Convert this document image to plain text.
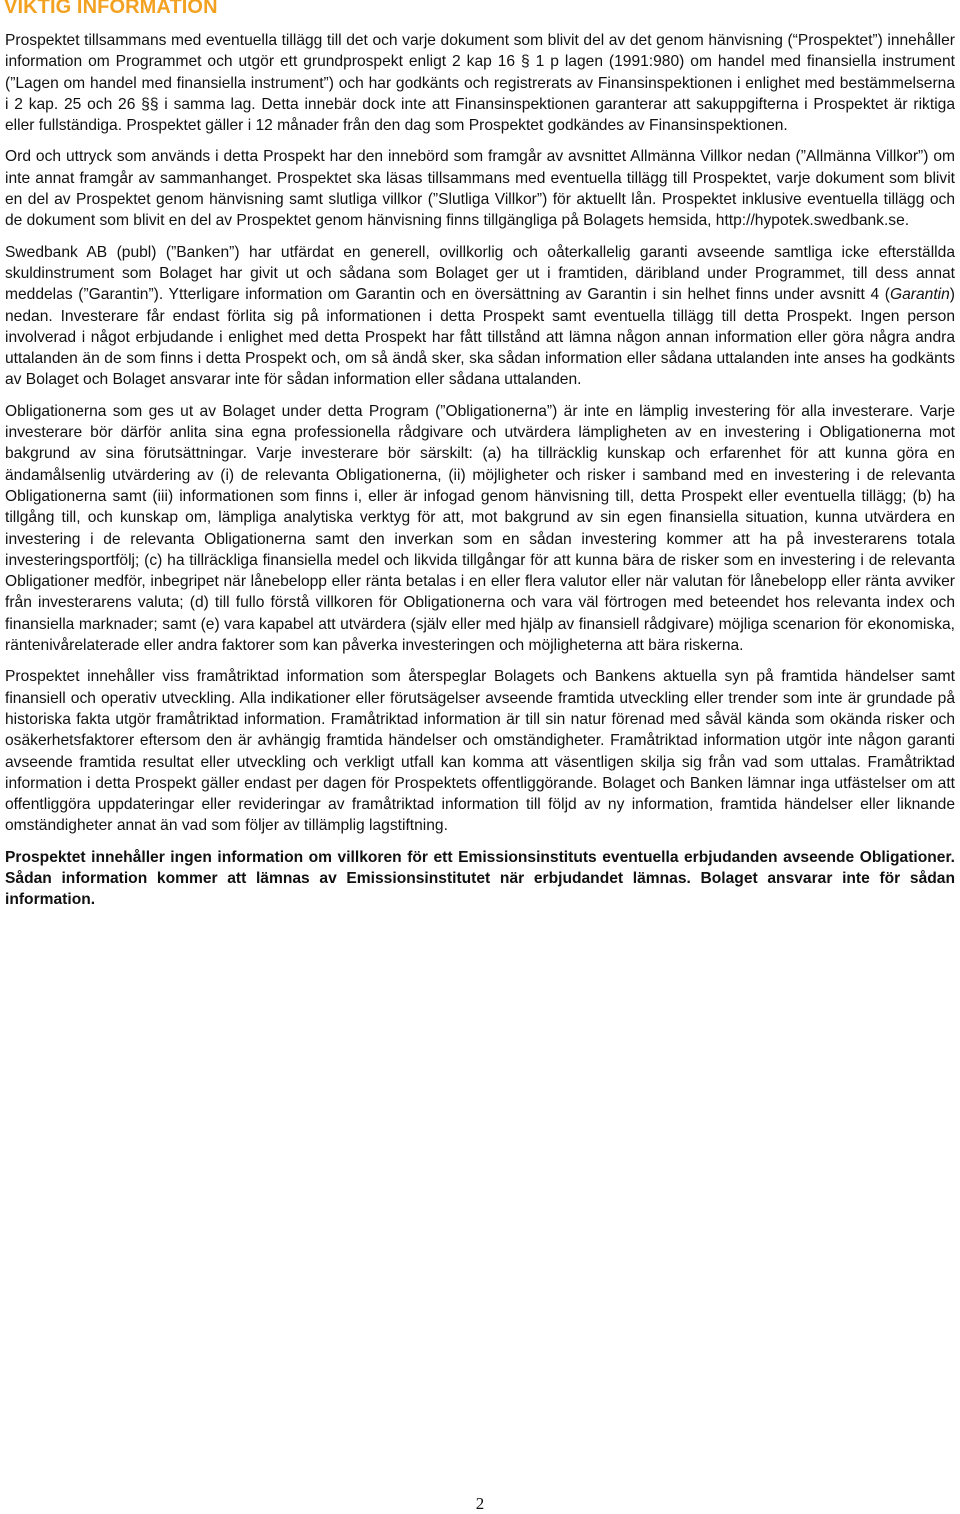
VIKTIG INFORMATION

Prospektet tillsammans med eventuella tillägg till det och varje dokument som blivit del av det genom hänvisning (“Prospektet”) innehåller information om Programmet och utgör ett grundprospekt enligt 2 kap 16 § 1 p lagen (1991:980) om handel med finansiella instrument (”Lagen om handel med finansiella instrument”) och har godkänts och registrerats av Finansinspektionen i enlighet med bestämmelserna i 2 kap. 25 och 26 §§ i samma lag. Detta innebär dock inte att Finansinspektionen garanterar att sakuppgifterna i Prospektet är riktiga eller fullständiga. Prospektet gäller i 12 månader från den dag som Prospektet godkändes av Finansinspektionen.

Ord och uttryck som används i detta Prospekt har den innebörd som framgår av avsnittet Allmänna Villkor nedan (”Allmänna Villkor”) om inte annat framgår av sammanhanget. Prospektet ska läsas tillsammans med eventuella tillägg till Prospektet, varje dokument som blivit en del av Prospektet genom hänvisning samt slutliga villkor (”Slutliga Villkor”) för aktuellt lån. Prospektet inklusive eventuella tillägg och de dokument som blivit en del av Prospektet genom hänvisning finns tillgängliga på Bolagets hemsida, http://hypotek.swedbank.se.

Swedbank AB (publ) (”Banken”) har utfärdat en generell, ovillkorlig och oåterkallelig garanti avseende samtliga icke efterställda skuldinstrument som Bolaget har givit ut och sådana som Bolaget ger ut i framtiden, däribland under Programmet, till dess annat meddelas (”Garantin”). Ytterligare information om Garantin och en översättning av Garantin i sin helhet finns under avsnitt 4 (Garantin) nedan. Investerare får endast förlita sig på informationen i detta Prospekt samt eventuella tillägg till detta Prospekt. Ingen person involverad i något erbjudande i enlighet med detta Prospekt har fått tillstånd att lämna någon annan information eller göra några andra uttalanden än de som finns i detta Prospekt och, om så ändå sker, ska sådan information eller sådana uttalanden inte anses ha godkänts av Bolaget och Bolaget ansvarar inte för sådan information eller sådana uttalanden.

Obligationerna som ges ut av Bolaget under detta Program (”Obligationerna”) är inte en lämplig investering för alla investerare. Varje investerare bör därför anlita sina egna professionella rådgivare och utvärdera lämpligheten av en investering i Obligationerna mot bakgrund av sina förutsättningar. Varje investerare bör särskilt: (a) ha tillräcklig kunskap och erfarenhet för att kunna göra en ändamålsenlig utvärdering av (i) de relevanta Obligationerna, (ii) möjligheter och risker i samband med en investering i de relevanta Obligationerna samt (iii) informationen som finns i, eller är infogad genom hänvisning till, detta Prospekt eller eventuella tillägg; (b) ha tillgång till, och kunskap om, lämpliga analytiska verktyg för att, mot bakgrund av sin egen finansiella situation, kunna utvärdera en investering i de relevanta Obligationerna samt den inverkan som en sådan investering kommer att ha på investerarens totala investeringsportfölj; (c) ha tillräckliga finansiella medel och likvida tillgångar för att kunna bära de risker som en investering i de relevanta Obligationer medför, inbegripet när lånebelopp eller ränta betalas i en eller flera valutor eller när valutan för lånebelopp eller ränta avviker från investerarens valuta; (d) till fullo förstå villkoren för Obligationerna och vara väl förtrogen med beteendet hos relevanta index och finansiella marknader; samt (e) vara kapabel att utvärdera (själv eller med hjälp av finansiell rådgivare) möjliga scenarion för ekonomiska, räntenivårelaterade eller andra faktorer som kan påverka investeringen och möjligheterna att bära riskerna.

Prospektet innehåller viss framåtriktad information som återspeglar Bolagets och Bankens aktuella syn på framtida händelser samt finansiell och operativ utveckling. Alla indikationer eller förutsägelser avseende framtida utveckling eller trender som inte är grundade på historiska fakta utgör framåtriktad information. Framåtriktad information är till sin natur förenad med såväl kända som okända risker och osäkerhetsfaktorer eftersom den är avhängig framtida händelser och omständigheter. Framåtriktad information utgör inte någon garanti avseende framtida resultat eller utveckling och verkligt utfall kan komma att väsentligen skilja sig från vad som uttalas. Framåtriktad information i detta Prospekt gäller endast per dagen för Prospektets offentliggörande. Bolaget och Banken lämnar inga utfästelser om att offentliggöra uppdateringar eller revideringar av framåtriktad information till följd av ny information, framtida händelser eller liknande omständigheter annat än vad som följer av tillämplig lagstiftning.

Prospektet innehåller ingen information om villkoren för ett Emissionsinstituts eventuella erbjudanden avseende Obligationer. Sådan information kommer att lämnas av Emissionsinstitutet när erbjudandet lämnas. Bolaget ansvarar inte för sådan information.

2
